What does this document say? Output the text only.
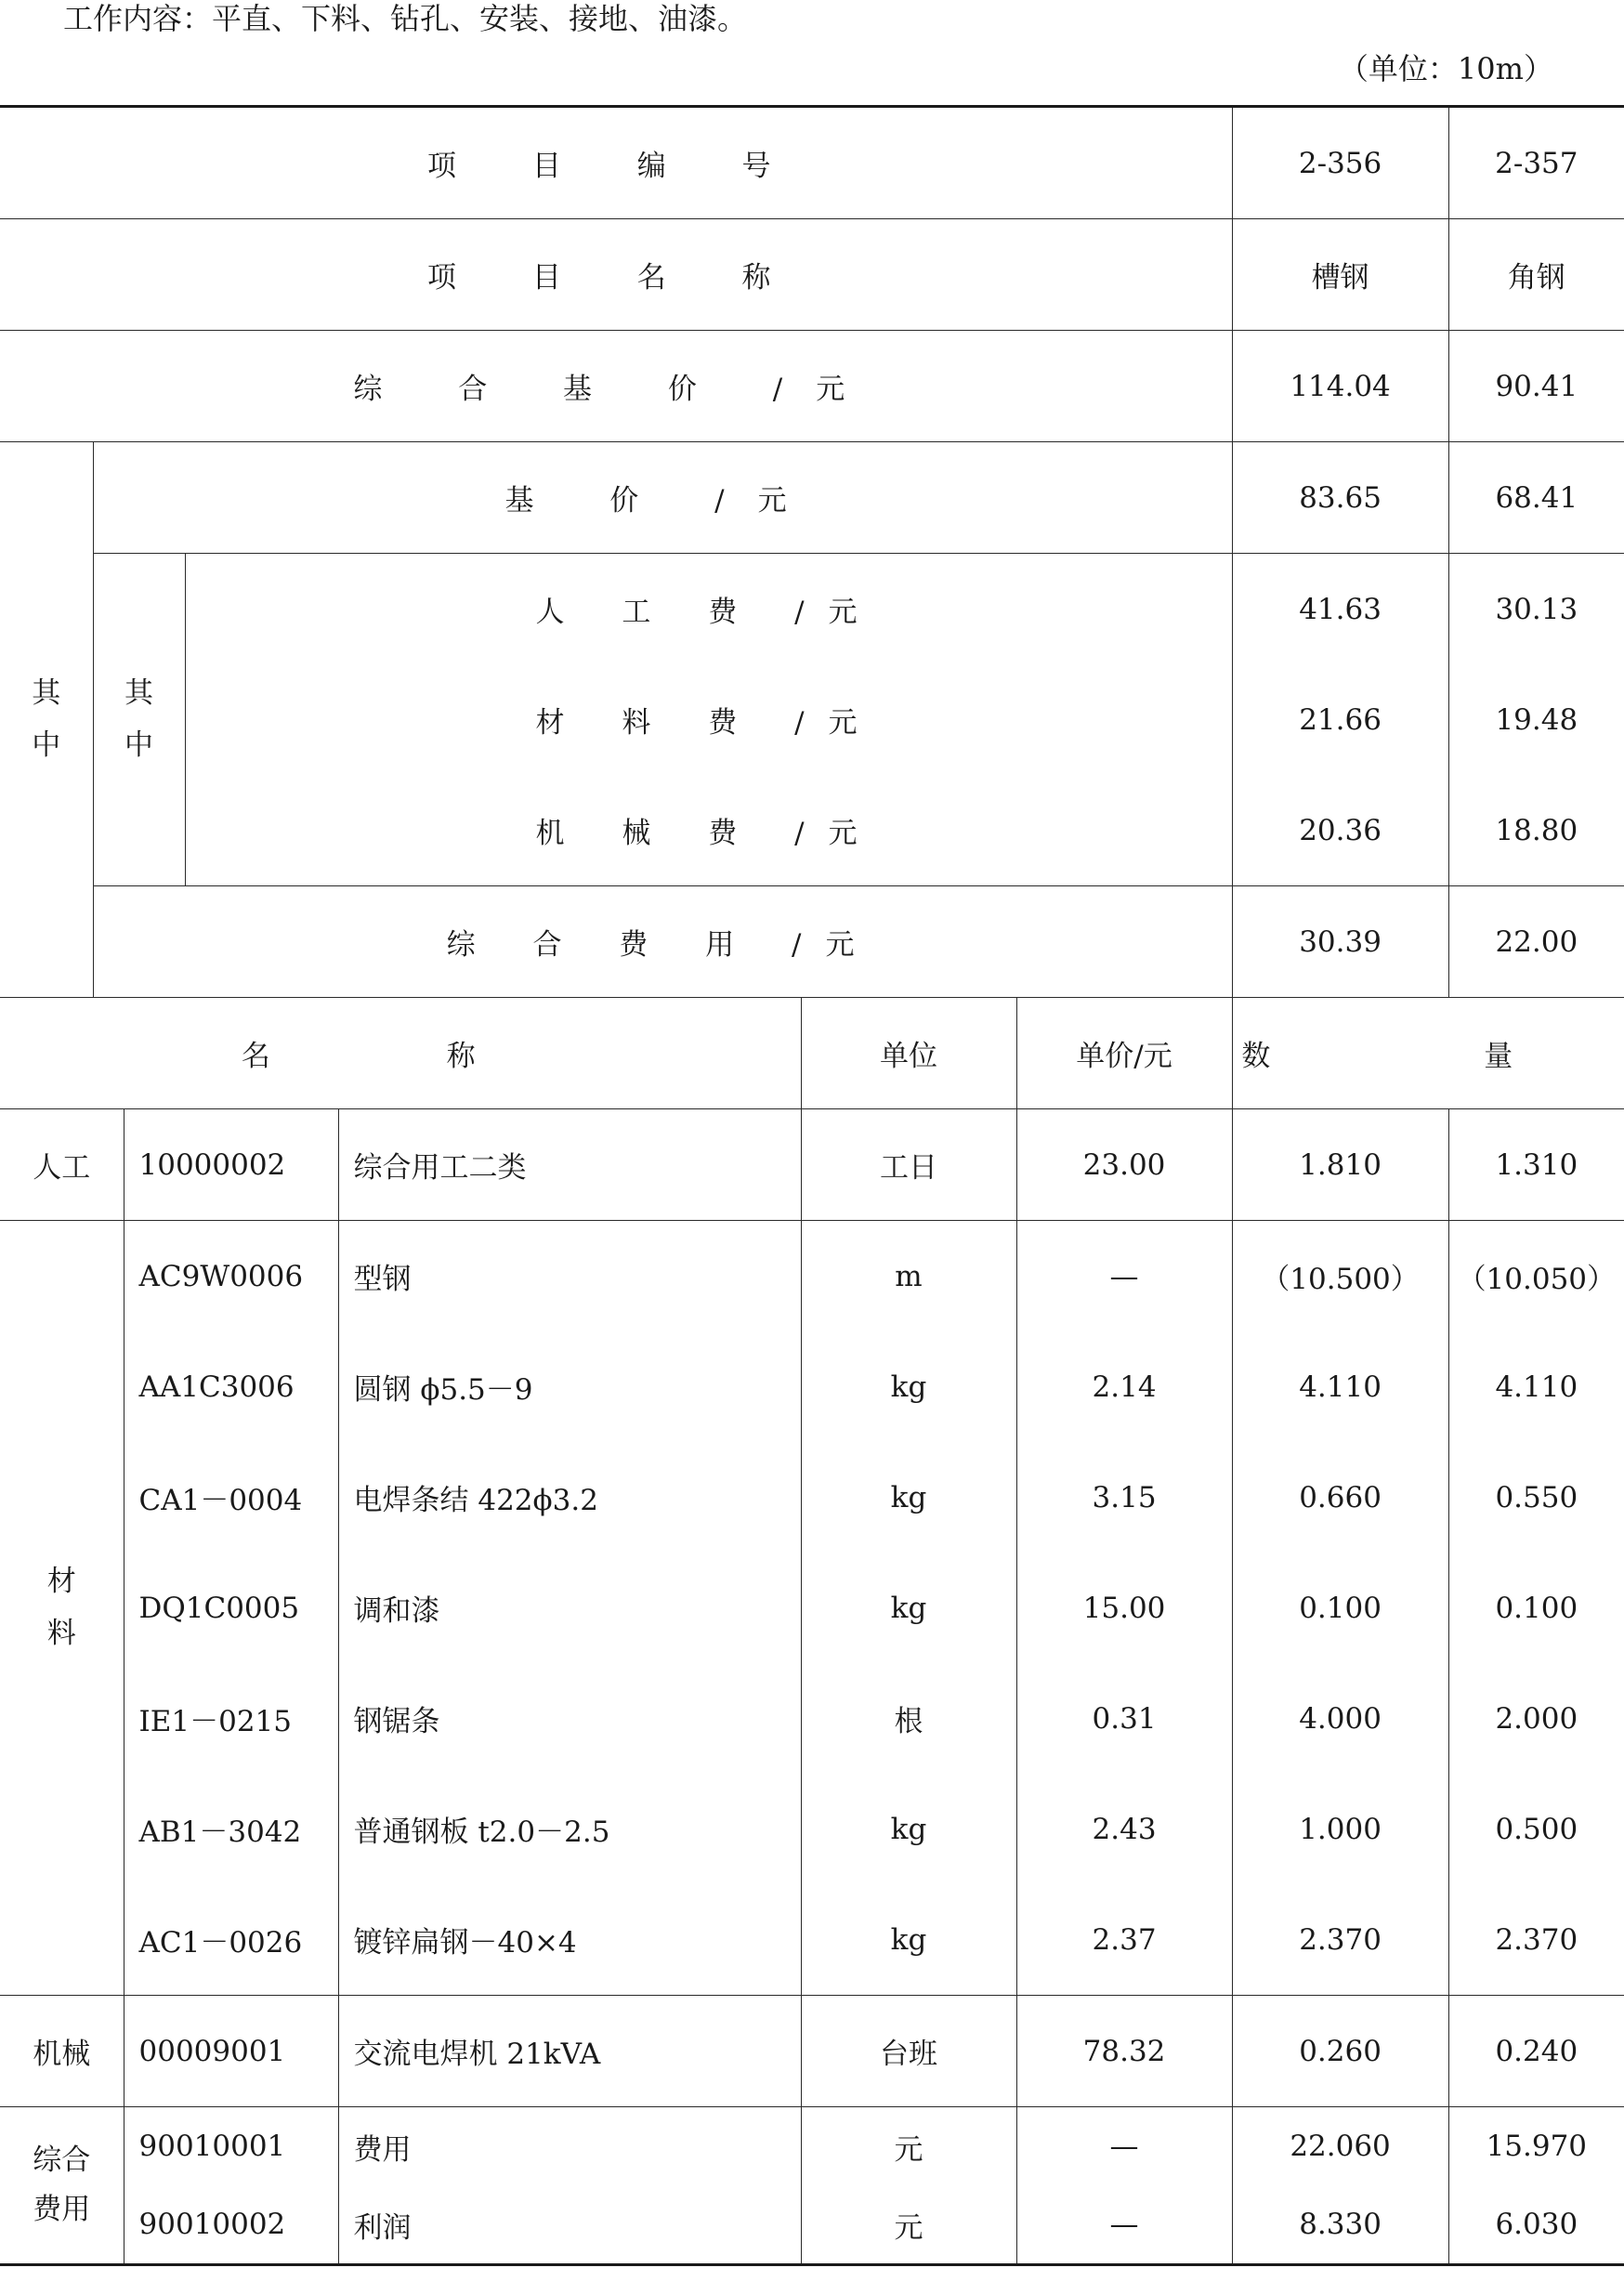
工作内容：平直、下料、钻孔、安装、接地、油漆。
（单位：10m）
项 目 编 号							2-356	2-357
项 目 名 称							槽钢	角钢
综 合 基 价 /元							114.04	90.41
其 中	基 价 /元						83.65	68.41
	其 中		人 工 费 /元				41.63	30.13
			材 料 费 /元				21.66	19.48
			机 械 费 /元				20.36	18.80
	综 合 费 用 /元						30.39	22.00
名 称					单位	单价/元	数 量	
人工		10000002		综合用工二类	工日	23.00	1.810	1.310
材 料		AC9W0006		型钢	m	—	（10.500）	（10.050）
		AA1C3006		圆钢 ϕ5.5－9	kg	2.14	4.110	4.110
		CA1－0004		电焊条结 422ϕ3.2	kg	3.15	0.660	0.550
		DQ1C0005		调和漆	kg	15.00	0.100	0.100
		IE1－0215		钢锯条	根	0.31	4.000	2.000
		AB1－3042		普通钢板 t2.0－2.5	kg	2.43	1.000	0.500
		AC1－0026		镀锌扁钢－40×4	kg	2.37	2.370	2.370
机械		00009001		交流电焊机 21kVA	台班	78.32	0.260	0.240
综合 费用		90010001		费用	元	—	22.060	15.970
		90010002		利润	元	—	8.330	6.030
